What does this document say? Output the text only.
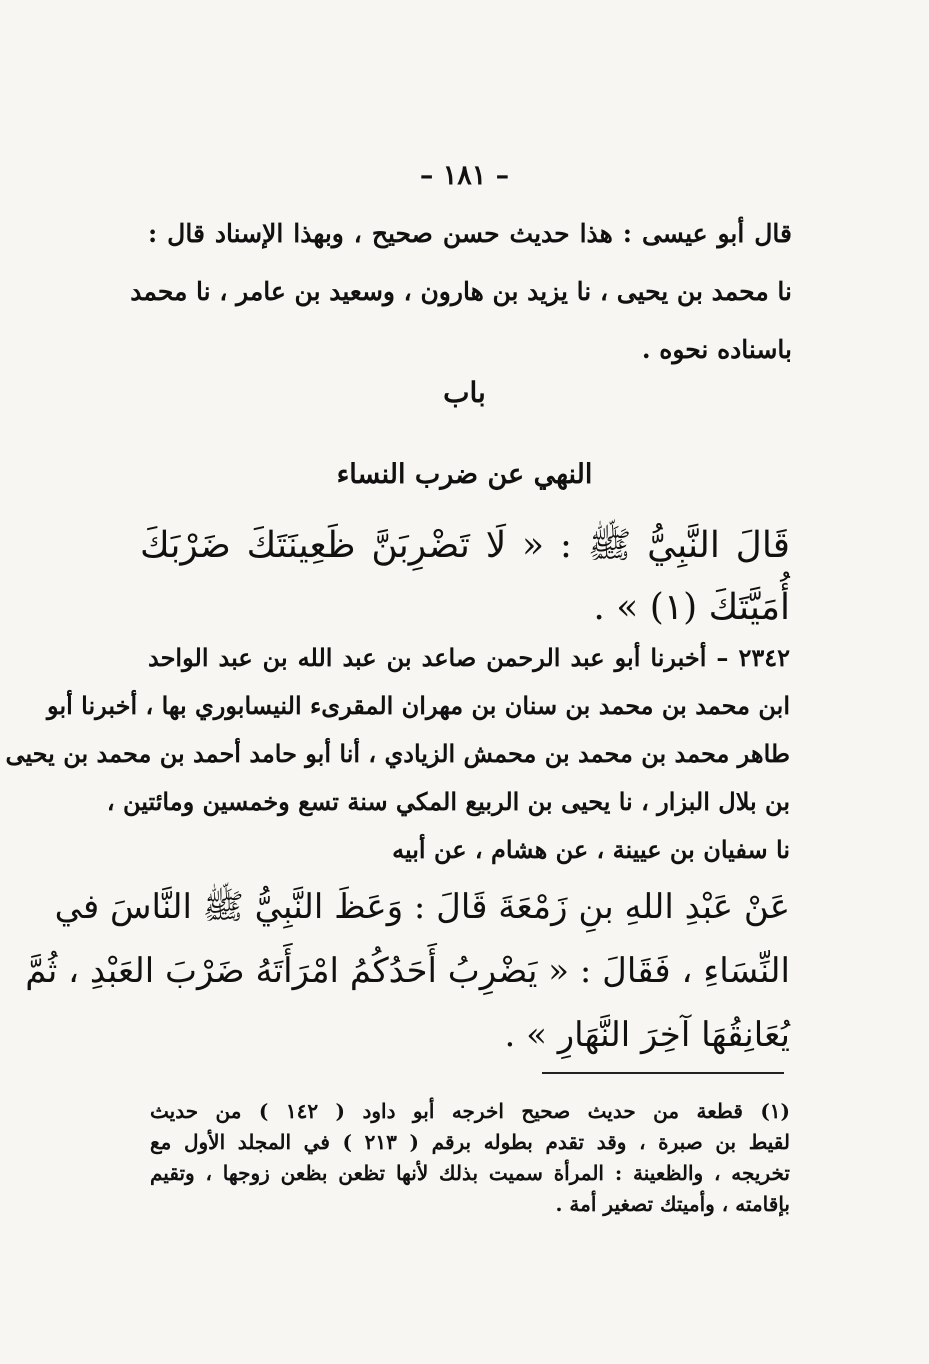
– ١٨١ –
قال أبو عيسى : هذا حديث حسن صحيح ، وبهذا الإسناد قال :
نا محمد بن يحيى ، نا يزيد بن هارون ، وسعيد بن عامر ، نا محمد
باسناده نحوه .
باب
النهي عن ضرب النساء
قَالَ النَّبِيُّ ﷺ : « لَا تَضْرِبَنَّ ظَعِينَتَكَ ضَرْبَكَ
أُمَيَّتَكَ (١) » .
٢٣٤٢ – أخبرنا أبو عبد الرحمن صاعد بن عبد الله بن عبد الواحد
ابن محمد بن محمد بن سنان بن مهران المقرىء النيسابوري بها ، أخبرنا أبو
طاهر محمد بن محمد بن محمش الزيادي ، أنا أبو حامد أحمد بن محمد بن يحيى
بن بلال البزار ، نا يحيى بن الربيع المكي سنة تسع وخمسين ومائتين ،
نا سفيان بن عيينة ، عن هشام ، عن أبيه
عَنْ عَبْدِ اللهِ بنِ زَمْعَةَ قَالَ : وَعَظَ النَّبِيُّ ﷺ النَّاسَ في
النِّسَاءِ ، فَقَالَ : « يَضْرِبُ أَحَدُكُمُ امْرَأَتَهُ ضَرْبَ العَبْدِ ، ثُمَّ
يُعَانِقُهَا آخِرَ النَّهَارِ » .
(١) قطعة من حديث صحيح اخرجه أبو داود ( ١٤٢ ) من حديث
لقيط بن صبرة ، وقد تقدم بطوله برقم ( ٢١٣ ) في المجلد الأول مع
تخريجه ، والظعينة : المرأة سميت بذلك لأنها تظعن بظعن زوجها ، وتقيم
بإقامته ، وأميتك تصغير أمة .
